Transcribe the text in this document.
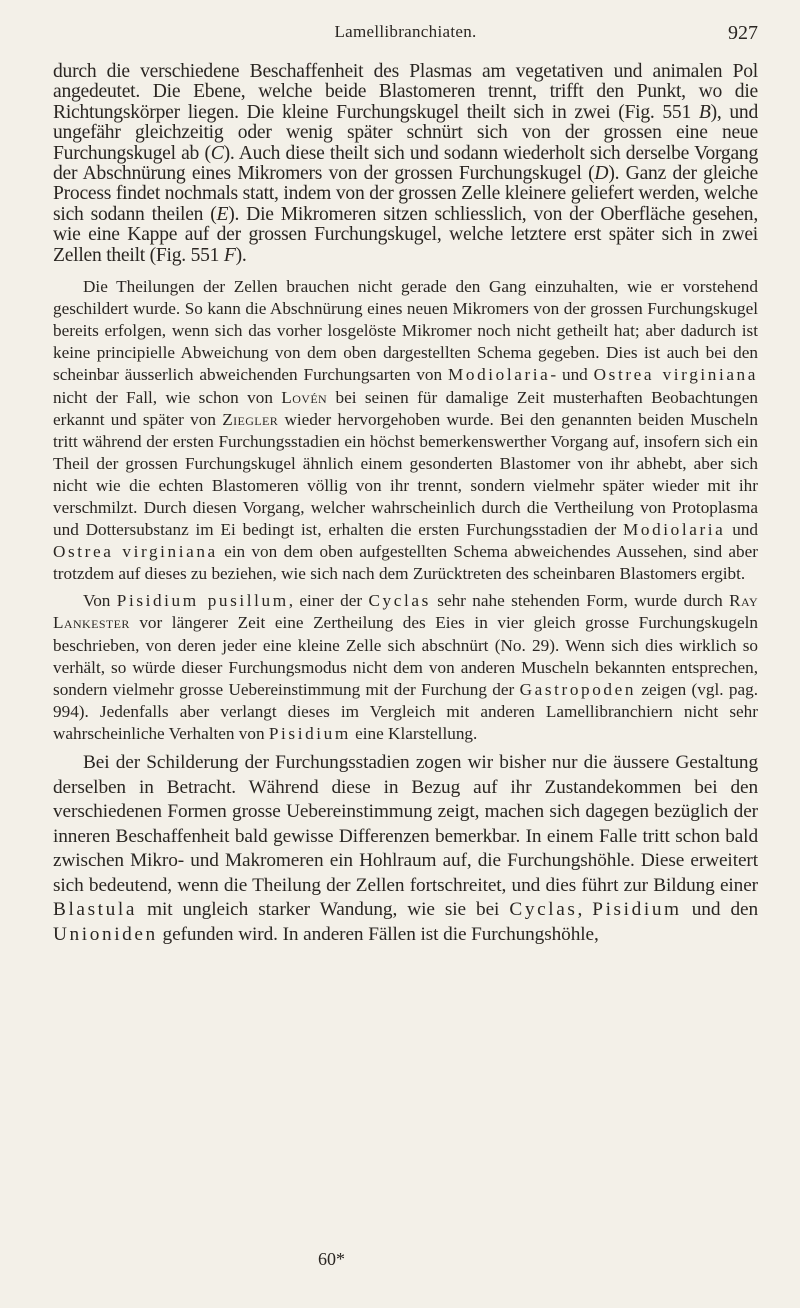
Lamellibranchiaten.	927

durch die verschiedene Beschaffenheit des Plasmas am vegetativen und animalen Pol angedeutet. Die Ebene, welche beide Blastomeren trennt, trifft den Punkt, wo die Richtungskörper liegen. Die kleine Furchungskugel theilt sich in zwei (Fig. 551 B), und ungefähr gleichzeitig oder wenig später schnürt sich von der grossen eine neue Furchungskugel ab (C). Auch diese theilt sich und sodann wiederholt sich derselbe Vorgang der Abschnürung eines Mikromers von der grossen Furchungskugel (D). Ganz der gleiche Process findet nochmals statt, indem von der grossen Zelle kleinere geliefert werden, welche sich sodann theilen (E). Die Mikromeren sitzen schliesslich, von der Oberfläche gesehen, wie eine Kappe auf der grossen Furchungskugel, welche letztere erst später sich in zwei Zellen theilt (Fig. 551 F).

Die Theilungen der Zellen brauchen nicht gerade den Gang einzuhalten, wie er vorstehend geschildert wurde. So kann die Abschnürung eines neuen Mikromers von der grossen Furchungskugel bereits erfolgen, wenn sich das vorher losgelöste Mikromer noch nicht getheilt hat; aber dadurch ist keine principielle Abweichung von dem oben dargestellten Schema gegeben. Dies ist auch bei den scheinbar äusserlich abweichenden Furchungsarten von Modiolaria- und Ostrea virginiana nicht der Fall, wie schon von Lovén bei seinen für damalige Zeit musterhaften Beobachtungen erkannt und später von Ziegler wieder hervorgehoben wurde. Bei den genannten beiden Muscheln tritt während der ersten Furchungsstadien ein höchst bemerkenswerther Vorgang auf, insofern sich ein Theil der grossen Furchungskugel ähnlich einem gesonderten Blastomer von ihr abhebt, aber sich nicht wie die echten Blastomeren völlig von ihr trennt, sondern vielmehr später wieder mit ihr verschmilzt. Durch diesen Vorgang, welcher wahrscheinlich durch die Vertheilung von Protoplasma und Dottersubstanz im Ei bedingt ist, erhalten die ersten Furchungsstadien der Modiolaria und Ostrea virginiana ein von dem oben aufgestellten Schema abweichendes Aussehen, sind aber trotzdem auf dieses zu beziehen, wie sich nach dem Zurücktreten des scheinbaren Blastomers ergibt.

Von Pisidium pusillum, einer der Cyclas sehr nahe stehenden Form, wurde durch Ray Lankester vor längerer Zeit eine Zertheilung des Eies in vier gleich grosse Furchungskugeln beschrieben, von deren jeder eine kleine Zelle sich abschnürt (No. 29). Wenn sich dies wirklich so verhält, so würde dieser Furchungsmodus nicht dem von anderen Muscheln bekannten entsprechen, sondern vielmehr grosse Uebereinstimmung mit der Furchung der Gastropoden zeigen (vgl. pag. 994). Jedenfalls aber verlangt dieses im Vergleich mit anderen Lamellibranchiern nicht sehr wahrscheinliche Verhalten von Pisidium eine Klarstellung.

Bei der Schilderung der Furchungsstadien zogen wir bisher nur die äussere Gestaltung derselben in Betracht. Während diese in Bezug auf ihr Zustandekommen bei den verschiedenen Formen grosse Uebereinstimmung zeigt, machen sich dagegen bezüglich der inneren Beschaffenheit bald gewisse Differenzen bemerkbar. In einem Falle tritt schon bald zwischen Mikro- und Makromeren ein Hohlraum auf, die Furchungshöhle. Diese erweitert sich bedeutend, wenn die Theilung der Zellen fortschreitet, und dies führt zur Bildung einer Blastula mit ungleich starker Wandung, wie sie bei Cyclas, Pisidium und den Unioniden gefunden wird. In anderen Fällen ist die Furchungshöhle,

60*
